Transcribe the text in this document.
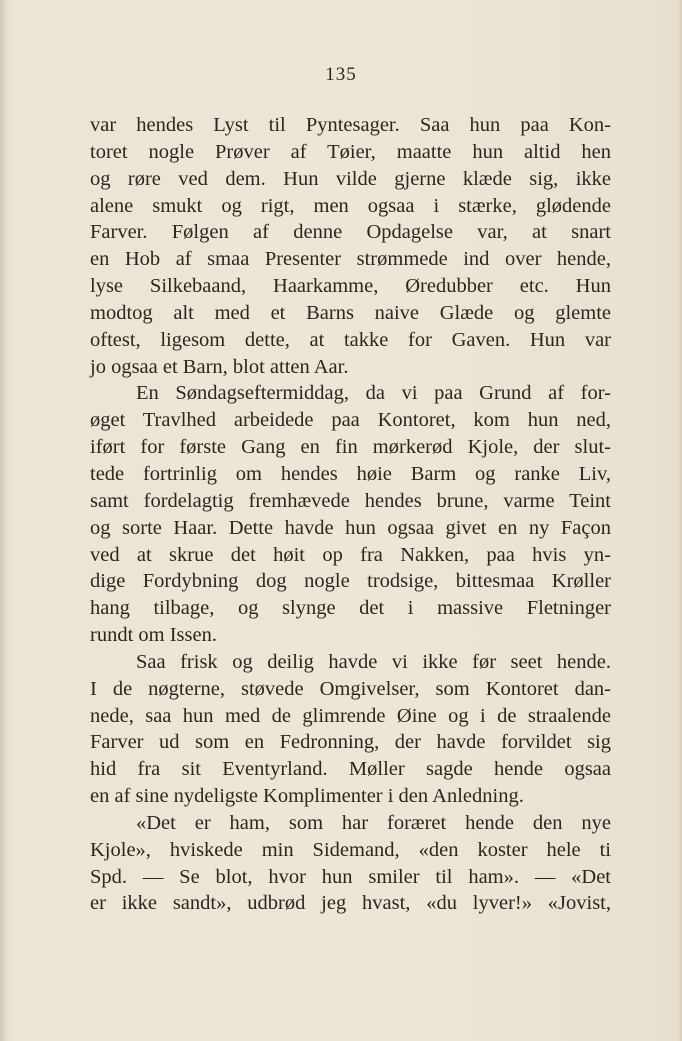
135
var hendes Lyst til Pyntesager. Saa hun paa Kon-
toret nogle Prøver af Tøier, maatte hun altid hen
og røre ved dem. Hun vilde gjerne klæde sig, ikke
alene smukt og rigt, men ogsaa i stærke, glødende
Farver. Følgen af denne Opdagelse var, at snart
en Hob af smaa Presenter strømmede ind over hende,
lyse Silkebaand, Haarkamme, Øredubber etc. Hun
modtog alt med et Barns naive Glæde og glemte
oftest, ligesom dette, at takke for Gaven. Hun var
jo ogsaa et Barn, blot atten Aar.
En Søndagseftermiddag, da vi paa Grund af for-
øget Travlhed arbeidede paa Kontoret, kom hun ned,
iført for første Gang en fin mørkerød Kjole, der slut-
tede fortrinlig om hendes høie Barm og ranke Liv,
samt fordelagtig fremhævede hendes brune, varme Teint
og sorte Haar. Dette havde hun ogsaa givet en ny Façon
ved at skrue det høit op fra Nakken, paa hvis yn-
dige Fordybning dog nogle trodsige, bittesmaa Krøller
hang tilbage, og slynge det i massive Fletninger
rundt om Issen.
Saa frisk og deilig havde vi ikke før seet hende.
I de nøgterne, støvede Omgivelser, som Kontoret dan-
nede, saa hun med de glimrende Øine og i de straalende
Farver ud som en Fedronning, der havde forvildet sig
hid fra sit Eventyrland. Møller sagde hende ogsaa
en af sine nydeligste Komplimenter i den Anledning.
«Det er ham, som har foræret hende den nye
Kjole», hviskede min Sidemand, «den koster hele ti
Spd. — Se blot, hvor hun smiler til ham». — «Det
er ikke sandt», udbrød jeg hvast, «du lyver!» «Jovist,
